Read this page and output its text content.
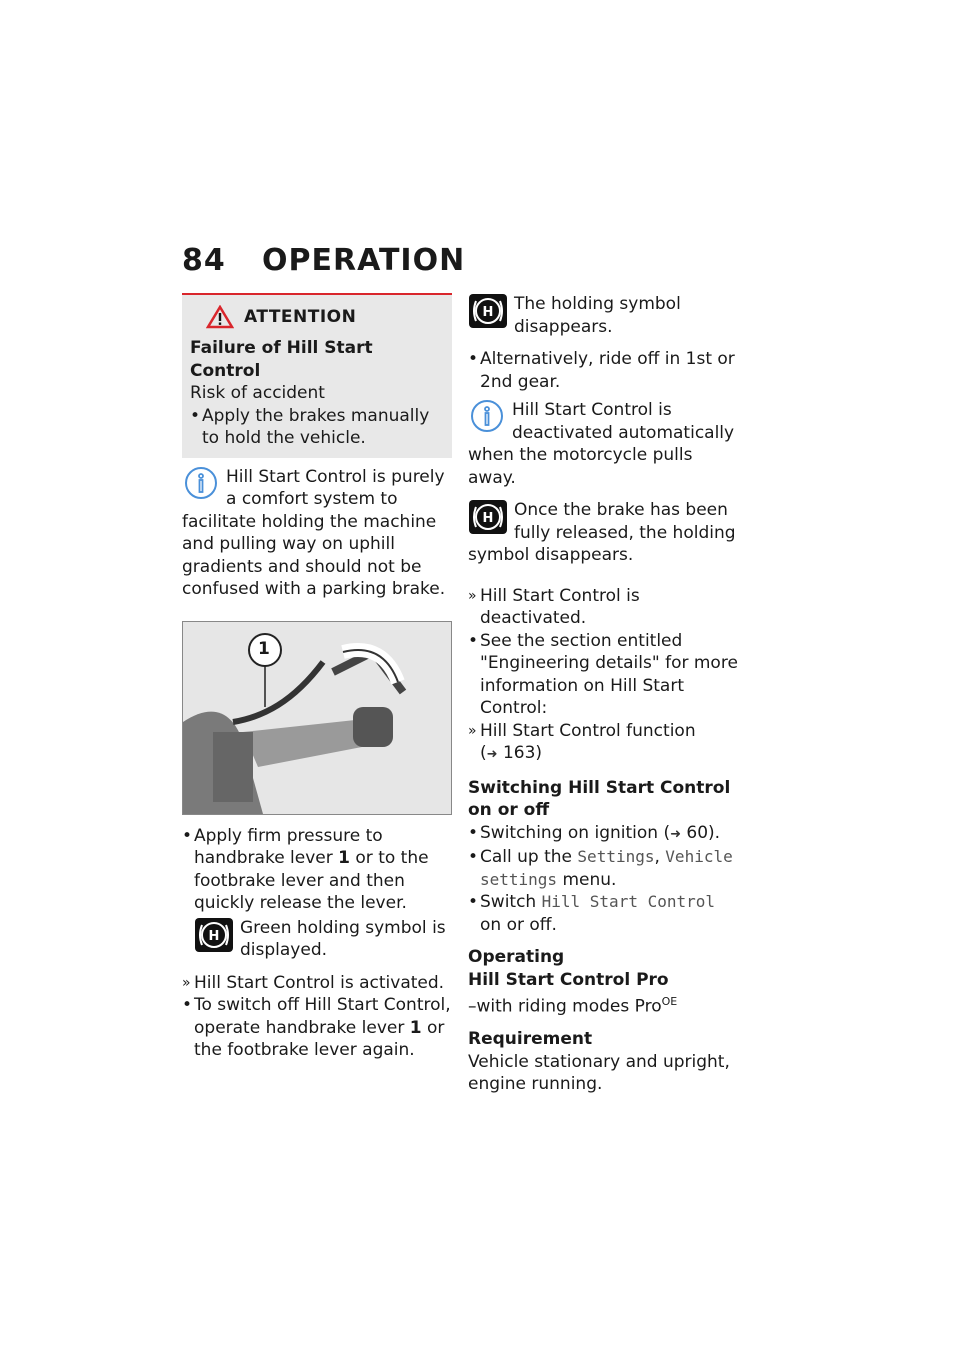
84 OPERATION
ATTENTION
Failure of Hill Start Control
Risk of accident
• Apply the brakes manually to hold the vehicle.
Hill Start Control is purely a comfort system to facilitate holding the machine and pulling way on uphill gradients and should not be confused with a parking brake.
1
• Apply firm pressure to handbrake lever 1 or to the footbrake lever and then quickly release the lever.
H Green holding symbol is displayed.
» Hill Start Control is activated.
• To switch off Hill Start Control, operate handbrake lever 1 or the footbrake lever again.
H The holding symbol disappears.
• Alternatively, ride off in 1st or 2nd gear.
Hill Start Control is deactivated automatically when the motorcycle pulls away.
H Once the brake has been fully released, the holding symbol disappears.
» Hill Start Control is deactivated.
• See the section entitled "Engineering details" for more information on Hill Start Control:
» Hill Start Control function
(➜ 163)
Switching Hill Start Control on or off
• Switching on ignition (➜ 60).
• Call up the Settings, Vehicle settings menu.
• Switch Hill Start Control on or off.
Operating
Hill Start Control Pro
–with riding modes Pro$^{OE}$
Requirement
Vehicle stationary and upright, engine running.
